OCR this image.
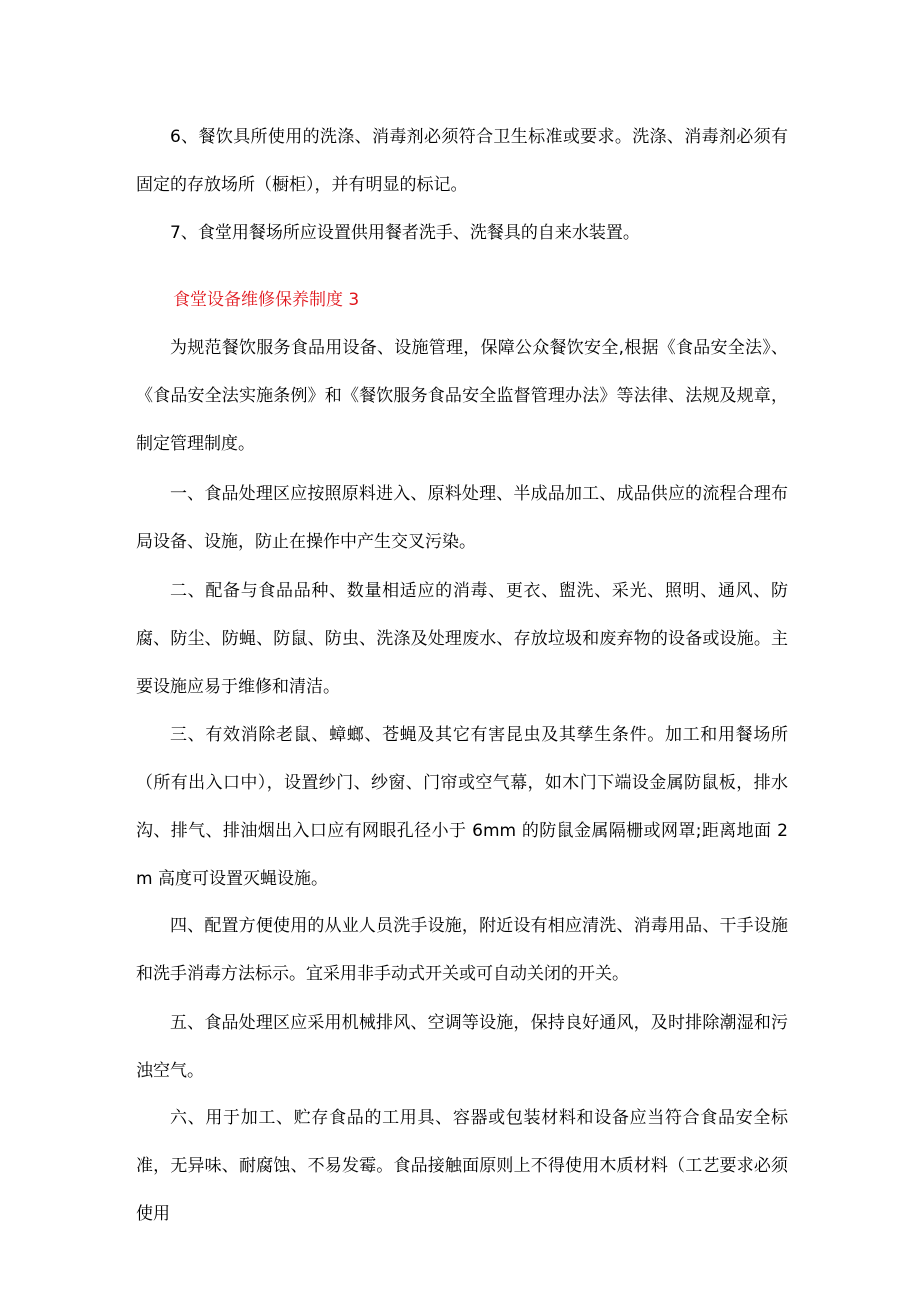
6、餐饮具所使用的洗涤、消毒剂必须符合卫生标准或要求。洗涤、消毒剂必须有固定的存放场所（橱柜），并有明显的标记。

7、食堂用餐场所应设置供用餐者洗手、洗餐具的自来水装置。

食堂设备维修保养制度 3

为规范餐饮服务食品用设备、设施管理，保障公众餐饮安全,根据《食品安全法》、《食品安全法实施条例》和《餐饮服务食品安全监督管理办法》等法律、法规及规章，制定管理制度。

一、食品处理区应按照原料进入、原料处理、半成品加工、成品供应的流程合理布局设备、设施，防止在操作中产生交叉污染。

二、配备与食品品种、数量相适应的消毒、更衣、盥洗、采光、照明、通风、防腐、防尘、防蝇、防鼠、防虫、洗涤及处理废水、存放垃圾和废弃物的设备或设施。主要设施应易于维修和清洁。

三、有效消除老鼠、蟑螂、苍蝇及其它有害昆虫及其孳生条件。加工和用餐场所（所有出入口中），设置纱门、纱窗、门帘或空气幕，如木门下端设金属防鼠板，排水沟、排气、排油烟出入口应有网眼孔径小于 6mm 的防鼠金属隔栅或网罩;距离地面 2m 高度可设置灭蝇设施。

四、配置方便使用的从业人员洗手设施，附近设有相应清洗、消毒用品、干手设施和洗手消毒方法标示。宜采用非手动式开关或可自动关闭的开关。

五、食品处理区应采用机械排风、空调等设施，保持良好通风，及时排除潮湿和污浊空气。

六、用于加工、贮存食品的工用具、容器或包装材料和设备应当符合食品安全标准，无异味、耐腐蚀、不易发霉。食品接触面原则上不得使用木质材料（工艺要求必须使用
